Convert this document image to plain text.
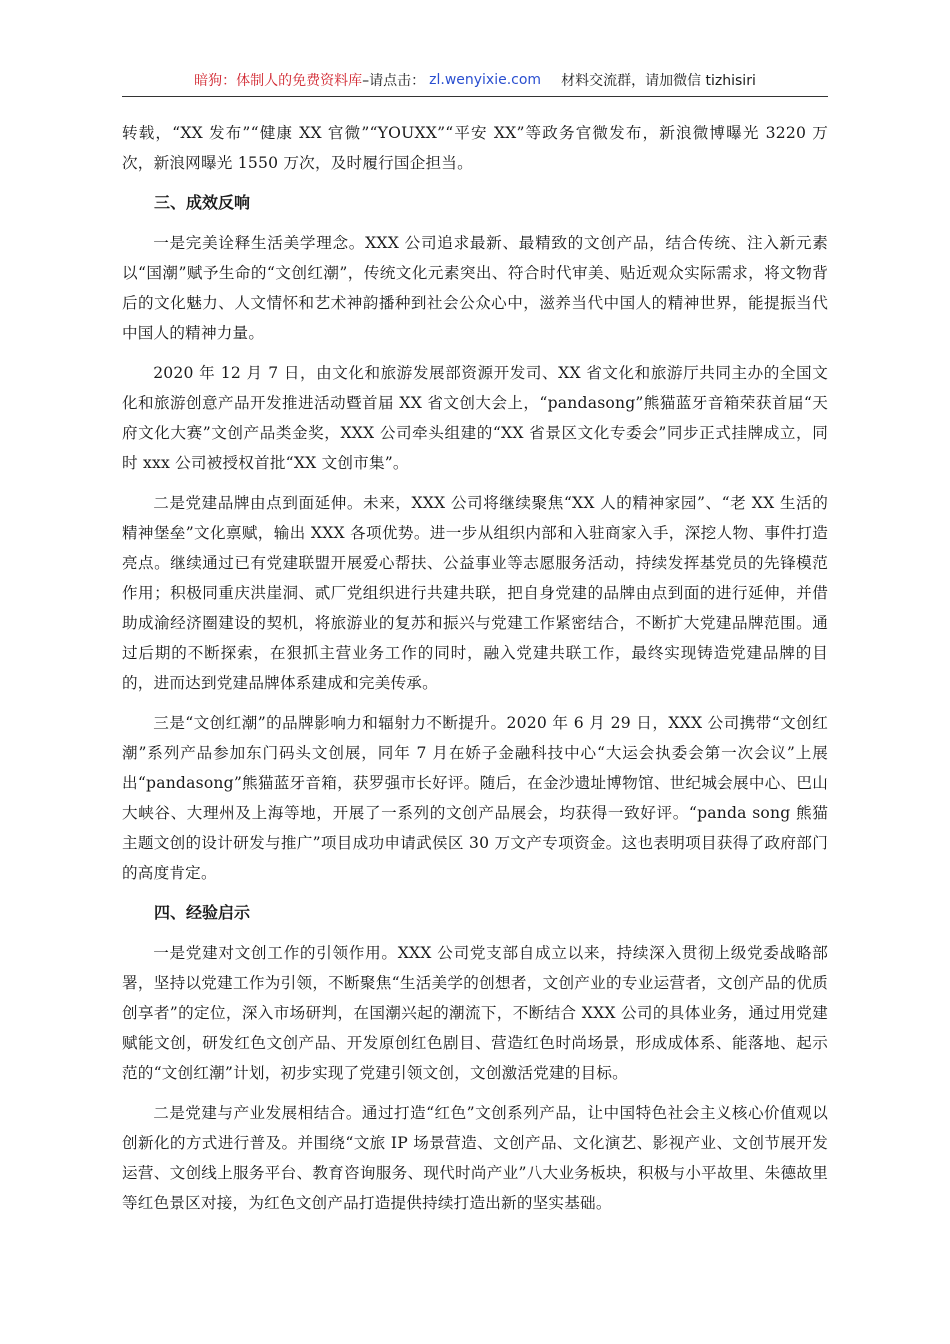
暗狗：体制人的免费资料库 –请点击： zl.wenyixie.com 材料交流群，请加微信 tizhisiri

转载，“XX 发布”“健康 XX 官微”“YOUXX”“平安 XX”等政务官微发布，新浪微博曝光 3220 万次，新浪网曝光 1550 万次，及时履行国企担当。

三、成效反响

一是完美诠释生活美学理念。XXX 公司追求最新、最精致的文创产品，结合传统、注入新元素以“国潮”赋予生命的“文创红潮”，传统文化元素突出、符合时代审美、贴近观众实际需求，将文物背后的文化魅力、人文情怀和艺术神韵播种到社会公众心中，滋养当代中国人的精神世界，能提振当代中国人的精神力量。

2020 年 12 月 7 日，由文化和旅游发展部资源开发司、XX 省文化和旅游厅共同主办的全国文化和旅游创意产品开发推进活动暨首届 XX 省文创大会上，“pandasong”熊猫蓝牙音箱荣获首届“天府文化大赛”文创产品类金奖，XXX 公司牵头组建的“XX 省景区文化专委会”同步正式挂牌成立，同时 xxx 公司被授权首批“XX 文创市集”。

二是党建品牌由点到面延伸。未来，XXX 公司将继续聚焦“XX 人的精神家园”、“老 XX 生活的精神堡垒”文化禀赋，输出 XXX 各项优势。进一步从组织内部和入驻商家入手，深挖人物、事件打造亮点。继续通过已有党建联盟开展爱心帮扶、公益事业等志愿服务活动，持续发挥基党员的先锋模范作用；积极同重庆洪崖洞、贰厂党组织进行共建共联，把自身党建的品牌由点到面的进行延伸，并借助成渝经济圈建设的契机，将旅游业的复苏和振兴与党建工作紧密结合，不断扩大党建品牌范围。通过后期的不断探索，在狠抓主营业务工作的同时，融入党建共联工作，最终实现铸造党建品牌的目的，进而达到党建品牌体系建成和完美传承。

三是“文创红潮”的品牌影响力和辐射力不断提升。2020 年 6 月 29 日，XXX 公司携带“文创红潮”系列产品参加东门码头文创展，同年 7 月在娇子金融科技中心“大运会执委会第一次会议”上展出“pandasong”熊猫蓝牙音箱，获罗强市长好评。随后，在金沙遗址博物馆、世纪城会展中心、巴山大峡谷、大理州及上海等地，开展了一系列的文创产品展会，均获得一致好评。“panda song 熊猫主题文创的设计研发与推广”项目成功申请武侯区 30 万文产专项资金。这也表明项目获得了政府部门的高度肯定。

四、经验启示

一是党建对文创工作的引领作用。XXX 公司党支部自成立以来，持续深入贯彻上级党委战略部署，坚持以党建工作为引领，不断聚焦“生活美学的创想者，文创产业的专业运营者，文创产品的优质创享者”的定位，深入市场研判，在国潮兴起的潮流下，不断结合 XXX 公司的具体业务，通过用党建赋能文创，研发红色文创产品、开发原创红色剧目、营造红色时尚场景，形成成体系、能落地、起示范的“文创红潮”计划，初步实现了党建引领文创，文创激活党建的目标。

二是党建与产业发展相结合。通过打造“红色”文创系列产品，让中国特色社会主义核心价值观以创新化的方式进行普及。并围绕“文旅 IP 场景营造、文创产品、文化演艺、影视产业、文创节展开发运营、文创线上服务平台、教育咨询服务、现代时尚产业”八大业务板块，积极与小平故里、朱德故里等红色景区对接，为红色文创产品打造提供持续打造出新的坚实基础。
